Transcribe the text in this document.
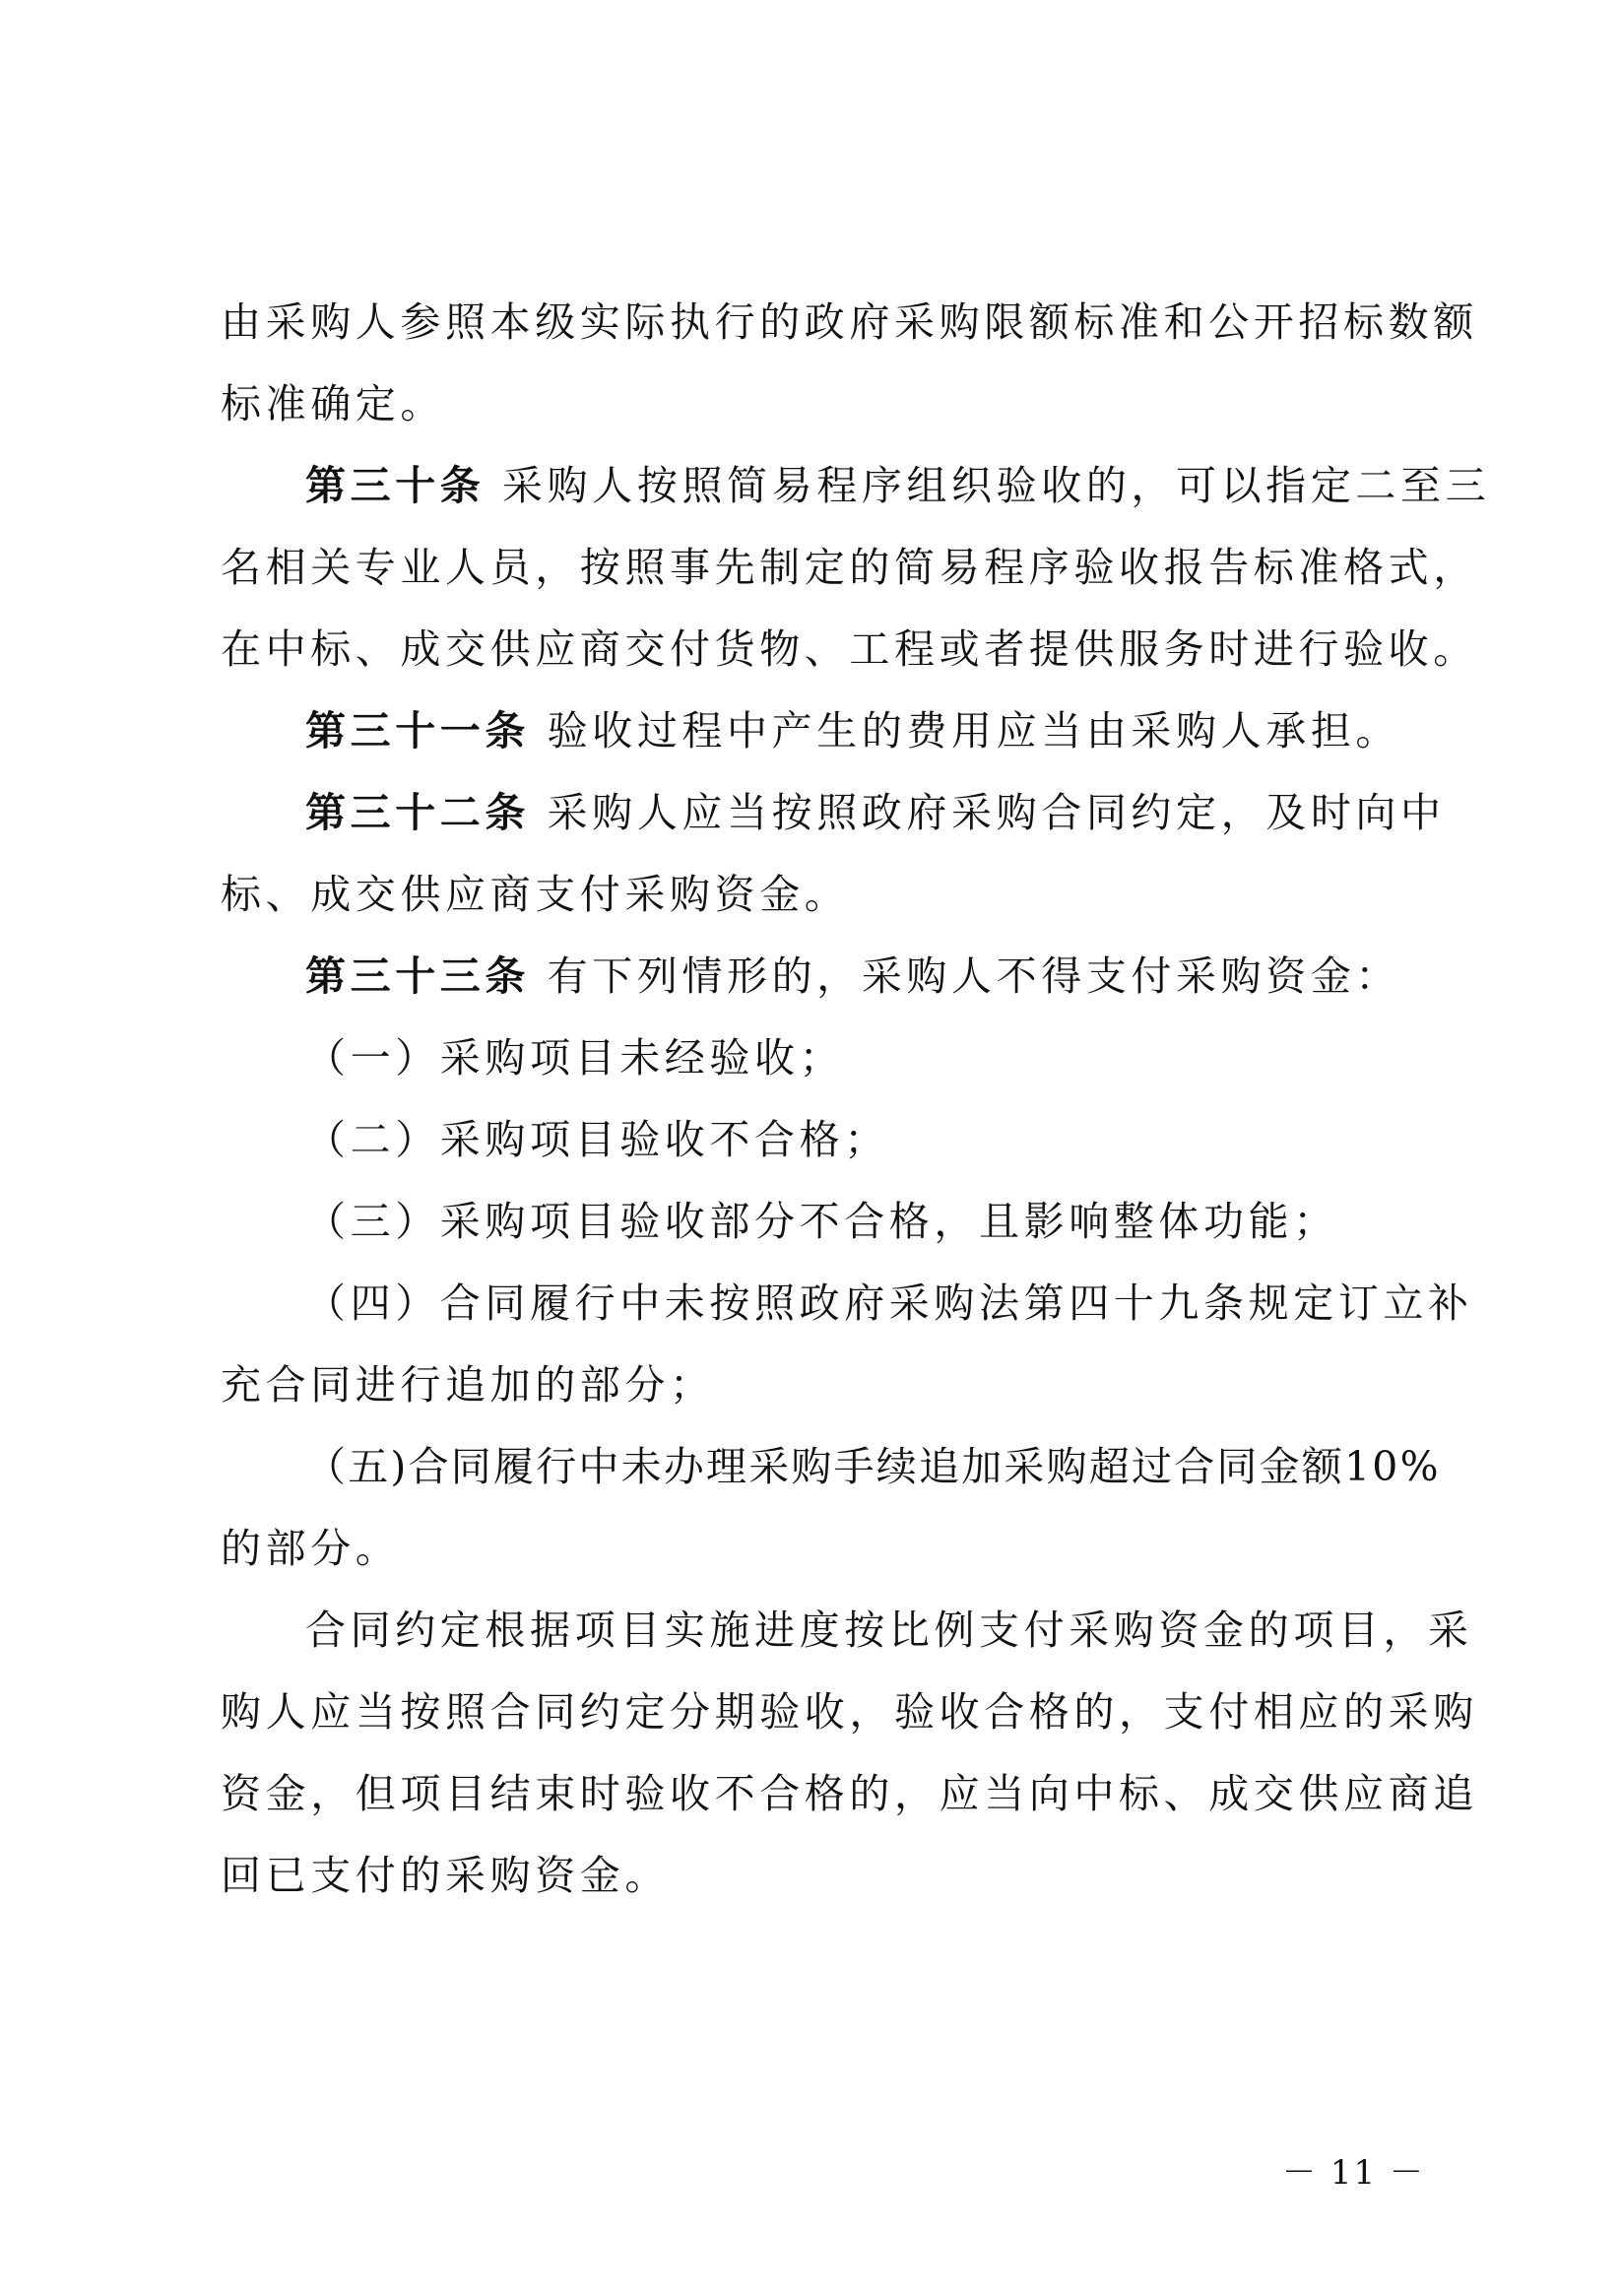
由采购人参照本级实际执行的政府采购限额标准和公开招标数额

标准确定。

第三十条 采购人按照简易程序组织验收的，可以指定二至三

名相关专业人员，按照事先制定的简易程序验收报告标准格式，

在中标、成交供应商交付货物、工程或者提供服务时进行验收。

第三十一条 验收过程中产生的费用应当由采购人承担。

第三十二条 采购人应当按照政府采购合同约定，及时向中

标、成交供应商支付采购资金。

第三十三条 有下列情形的，采购人不得支付采购资金：

（一）采购项目未经验收；

（二）采购项目验收不合格；

（三）采购项目验收部分不合格，且影响整体功能；

（四）合同履行中未按照政府采购法第四十九条规定订立补

充合同进行追加的部分；

（五)合同履行中未办理采购手续追加采购超过合同金额10%

的部分。

合同约定根据项目实施进度按比例支付采购资金的项目，采

购人应当按照合同约定分期验收，验收合格的，支付相应的采购

资金，但项目结束时验收不合格的，应当向中标、成交供应商追

回已支付的采购资金。

－ 11 －
